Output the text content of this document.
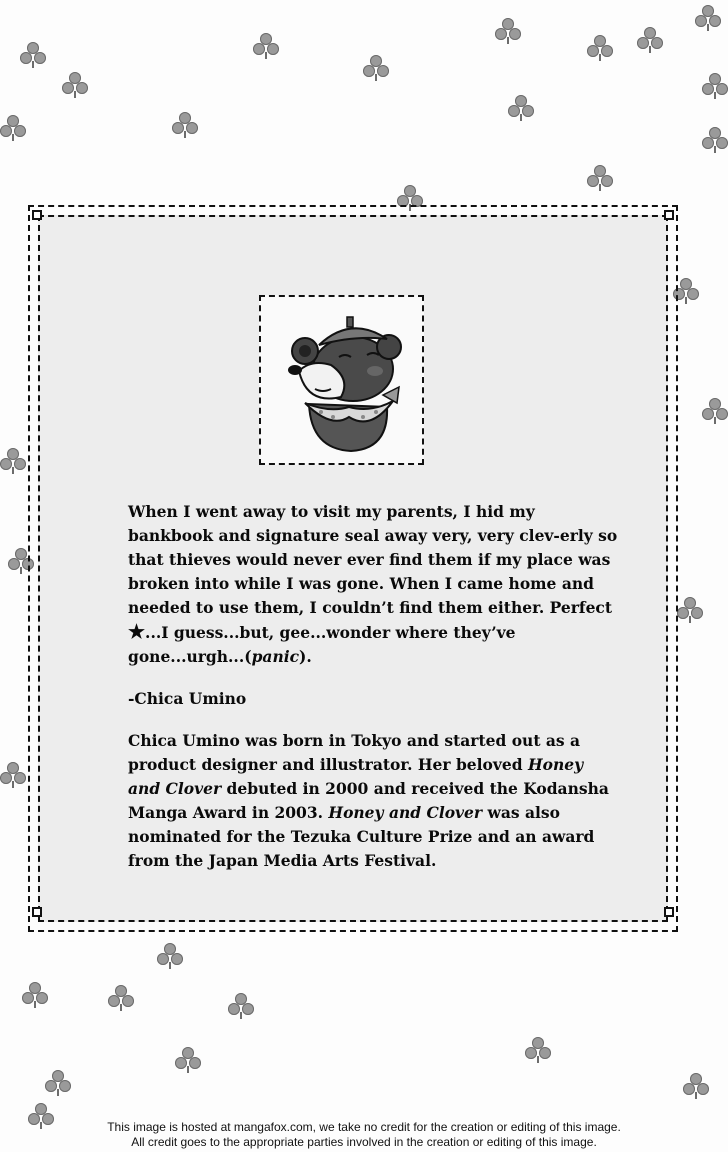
When I went away to visit my parents, I hid my bankbook and signature seal away very, very clev-erly so that thieves would never ever find them if my place was broken into while I was gone. When I came home and needed to use them, I couldn’t find them either. Perfect ★...I guess...but, gee...wonder where they’ve gone...urgh...(panic).

-Chica Umino

Chica Umino was born in Tokyo and started out as a product designer and illustrator. Her beloved Honey and Clover debuted in 2000 and received the Kodansha Manga Award in 2003. Honey and Clover was also nominated for the Tezuka Culture Prize and an award from the Japan Media Arts Festival.

This image is hosted at mangafox.com, we take no credit for the creation or editing of this image.
All credit goes to the appropriate parties involved in the creation or editing of this image.
